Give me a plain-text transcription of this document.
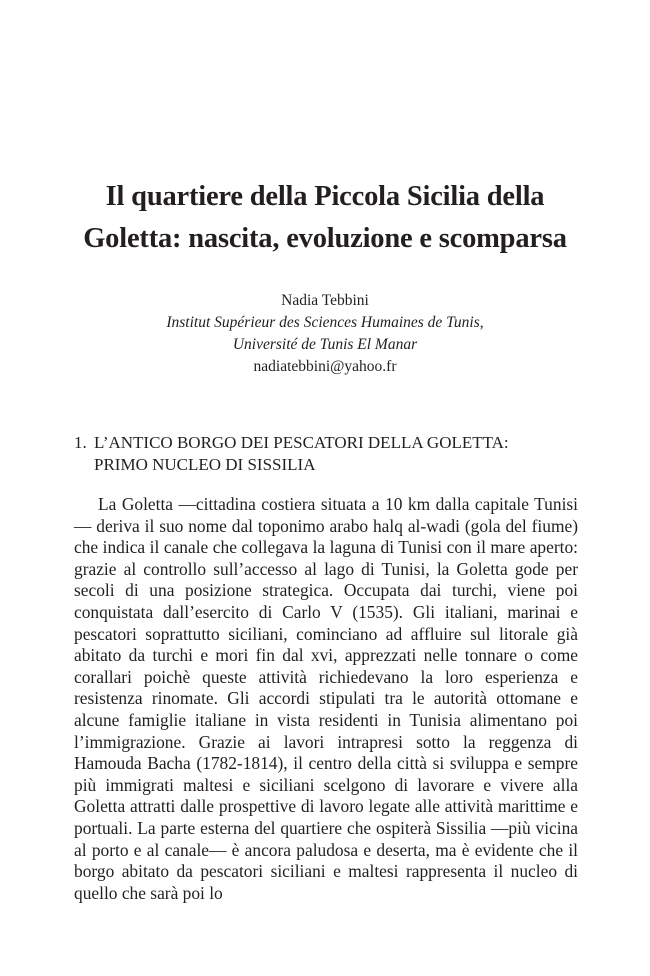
Il quartiere della Piccola Sicilia della
Goletta: nascita, evoluzione e scomparsa
Nadia Tebbini
Institut Supérieur des Sciences Humaines de Tunis,
Université de Tunis El Manar
nadiatebbini@yahoo.fr
1. L’ANTICO BORGO DEI PESCATORI DELLA GOLETTA:
PRIMO NUCLEO DI SISSILIA

La Goletta —cittadina costiera situata a 10 km dalla capitale Tunisi— deriva il suo nome dal toponimo arabo halq al-wadi (gola del fiume) che indica il canale che collegava la laguna di Tunisi con il mare aperto: grazie al controllo sull’accesso al lago di Tunisi, la Goletta gode per secoli di una posizione strategica. Occupata dai turchi, viene poi conquistata dall’esercito di Carlo V (1535). Gli italiani, marinai e pescatori soprattutto siciliani, cominciano ad affluire sul litorale già abitato da turchi e mori fin dal xvi, apprezzati nelle tonnare o come corallari poichè queste attività richiedevano la loro esperienza e resistenza rinomate. Gli accordi stipulati tra le autorità ottomane e alcune famiglie italiane in vista residenti in Tunisia alimentano poi l’immigrazione. Grazie ai lavori intrapresi sotto la reggenza di Hamouda Bacha (1782-1814), il centro della città si sviluppa e sempre più immigrati maltesi e siciliani scelgono di lavorare e vivere alla Goletta attratti dalle prospettive di lavoro legate alle attività marittime e portuali. La parte esterna del quartiere che ospiterà Sissilia —più vicina al porto e al canale— è ancora paludosa e deserta, ma è evidente che il borgo abitato da pescatori siciliani e maltesi rappresenta il nucleo di quello che sarà poi lo
